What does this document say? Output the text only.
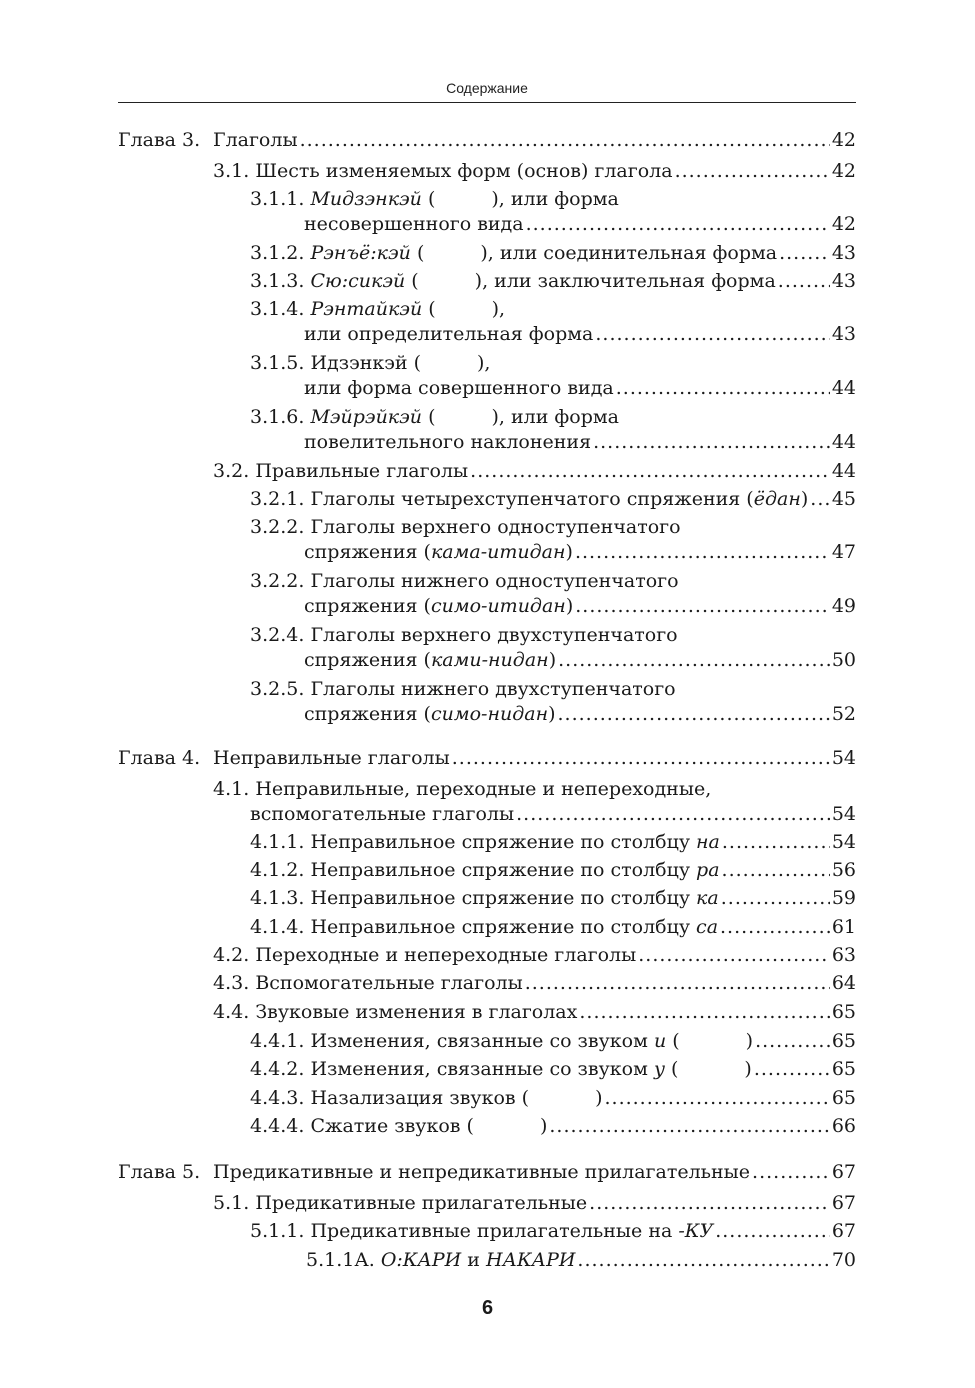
Содержание
Глава 3. Глаголы .....	42
3.1. Шесть изменяемых форм (основ) глагола .....	42
3.1.1. Мидзэнкэй (	), или форма
несовершенного вида .....	42
3.1.2. Рэнъё:кэй (	), или соединительная форма .....	43
3.1.3. Сю:сикэй (	), или заключительная форма .....	43
3.1.4. Рэнтайкэй (	),
или определительная форма .....	43
3.1.5. Идзэнкэй (	),
или форма совершенного вида .....	44
3.1.6. Мэйрэйкэй (	), или форма
повелительного наклонения .....	44
3.2. Правильные глаголы .....	44
3.2.1. Глаголы четырехступенчатого спряжения (ёдан) ..... 45
3.2.2. Глаголы верхнего одноступенчатого
спряжения (кама-итидан) .....	47
3.2.2. Глаголы нижнего одноступенчатого
спряжения (симо-итидан) .....	49
3.2.4. Глаголы верхнего двухступенчатого
спряжения (ками-нидан) .....	50
3.2.5. Глаголы нижнего двухступенчатого
спряжения (симо-нидан) .....	52
Глава 4. Неправильные глаголы .....	54
4.1. Неправильные, переходные и непереходные,
вспомогательные глаголы .....	54
4.1.1. Неправильное спряжение по столбцу на .....	54
4.1.2. Неправильное спряжение по столбцу ра .....	56
4.1.3. Неправильное спряжение по столбцу ка .....	59
4.1.4. Неправильное спряжение по столбцу са .....	61
4.2. Переходные и непереходные глаголы .....	63
4.3. Вспомогательные глаголы .....	64
4.4. Звуковые изменения в глаголах .....	65
4.4.1. Изменения, связанные со звуком и (	) .....	65
4.4.2. Изменения, связанные со звуком у (	) .....	65
4.4.3. Назализация звуков (	) .....	65
4.4.4. Сжатие звуков (	) .....	66
Глава 5. Предикативные и непредикативные прилагательные .....	67
5.1. Предикативные прилагательные .....	67
5.1.1. Предикативные прилагательные на -КУ .....	67
5.1.1А. О:КАРИ и НАКАРИ .....	70
6
